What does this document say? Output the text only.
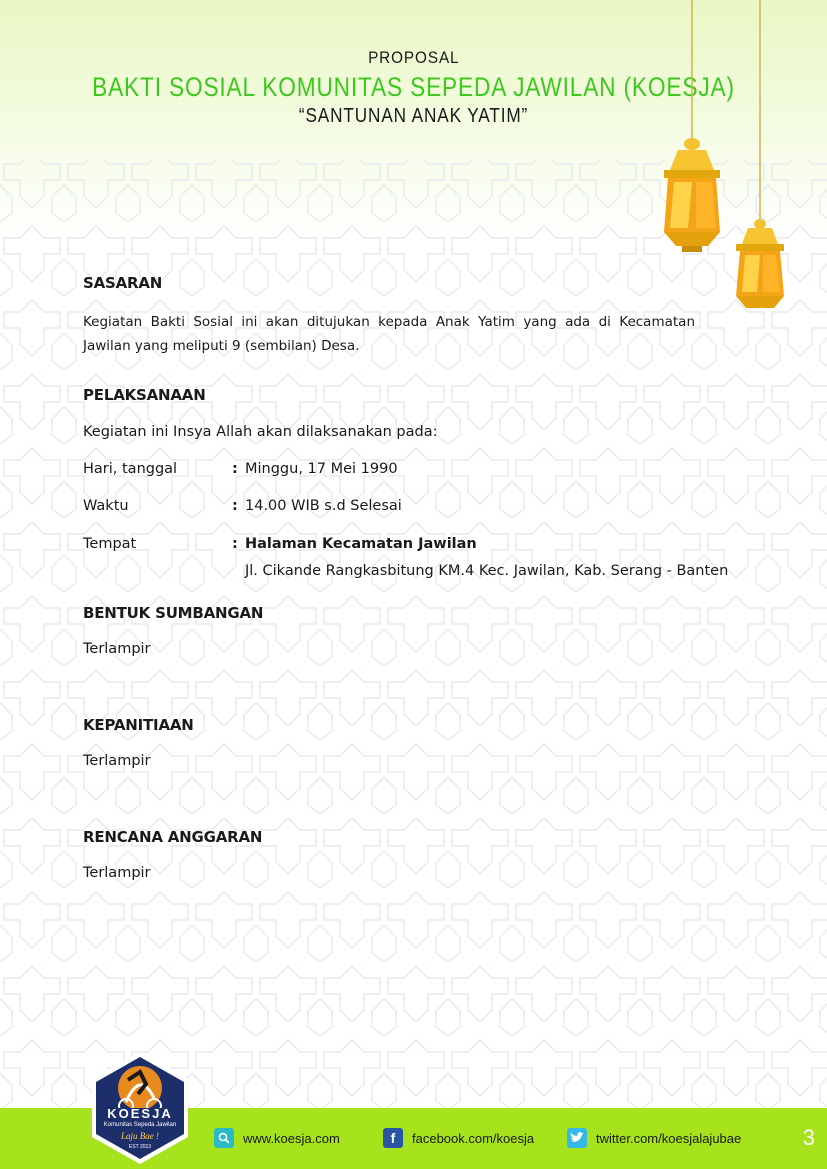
PROPOSAL
BAKTI SOSIAL KOMUNITAS SEPEDA JAWILAN (KOESJA)
“SANTUNAN ANAK YATIM”
SASARAN
Kegiatan Bakti Sosial ini akan ditujukan kepada Anak Yatim yang ada di Kecamatan Jawilan yang meliputi 9 (sembilan) Desa.
PELAKSANAAN
Kegiatan ini Insya Allah akan dilaksanakan pada:
Hari, tanggal	: Minggu, 17 Mei 1990
Waktu	: 14.00 WIB s.d Selesai
Tempat	: Halaman Kecamatan Jawilan
Jl. Cikande Rangkasbitung KM.4 Kec. Jawilan, Kab. Serang - Banten
BENTUK SUMBANGAN
Terlampir
KEPANITIAAN
Terlampir
RENCANA ANGGARAN
Terlampir
KOESJA
Komunitas Sepeda Jawilan
Laju Bae !
EST 2013
www.koesja.com	f	facebook.com/koesja	twitter.com/koesjalajubae	3
